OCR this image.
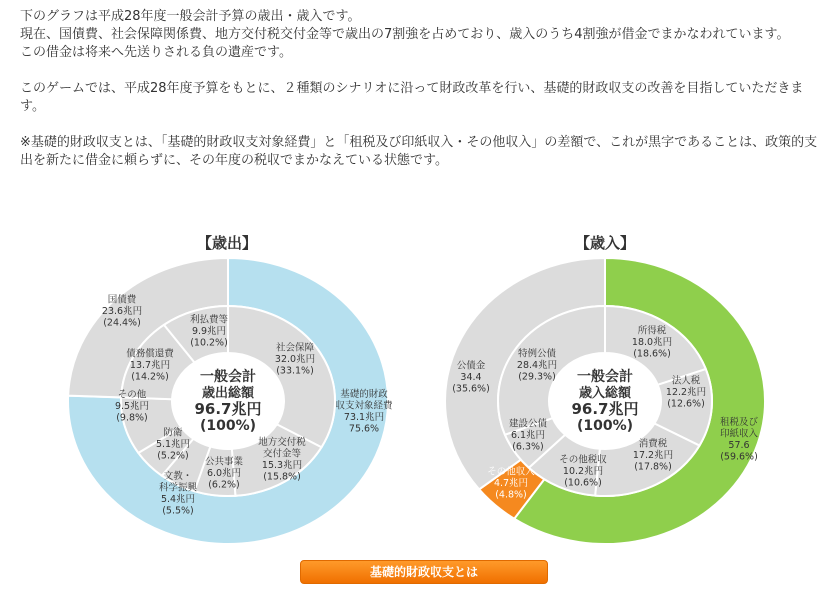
下のグラフは平成28年度一般会計予算の歳出・歳入です。

現在、国債費、社会保障関係費、地方交付税交付金等で歳出の7割強を占めており、歳入のうち4割強が借金でまかなわれています。

この借金は将来へ先送りされる負の遺産です。

このゲームでは、平成28年度予算をもとに、２種類のシナリオに沿って財政改革を行い、基礎的財政収支の改善を目指していただきます。

※基礎的財政収支とは、「基礎的財政収支対象経費」と「租税及び印紙収入・その他収入」の差額で、これが黒字であることは、政策的支出を新たに借金に頼らずに、その年度の税収でまかなえている状態です。

【歳出】	【歳入】
基礎的財政収支対象経費 73.1兆円 75.6%
国債費 23.6兆円(24.4%)
社会保障 32.0兆円(33.1%)
地方交付税交付金等 15.3兆円(15.8%)
公共事業 6.0兆円(6.2%)
文教・科学振興 5.4兆円(5.5%)
防衛 5.1兆円(5.2%)
その他 9.5兆円(9.8%)
債務償還費 13.7兆円(14.2%)
利払費等 9.9兆円(10.2%)
一般会計
歳出総額
96.7兆円
(100%)	租税及び印紙収入 57.6 (59.6%)
その他収入 4.7兆円(4.8%)
公債金 34.4 (35.6%)
所得税 18.0兆円(18.6%)
法人税 12.2兆円(12.6%)
消費税 17.2兆円(17.8%)
その他税収 10.2兆円(10.6%)
建設公債 6.1兆円(6.3%)
特例公債 28.4兆円(29.3%) 一般会計
歳入総額
96.7兆円
(100%)
基礎的財政収支とは
